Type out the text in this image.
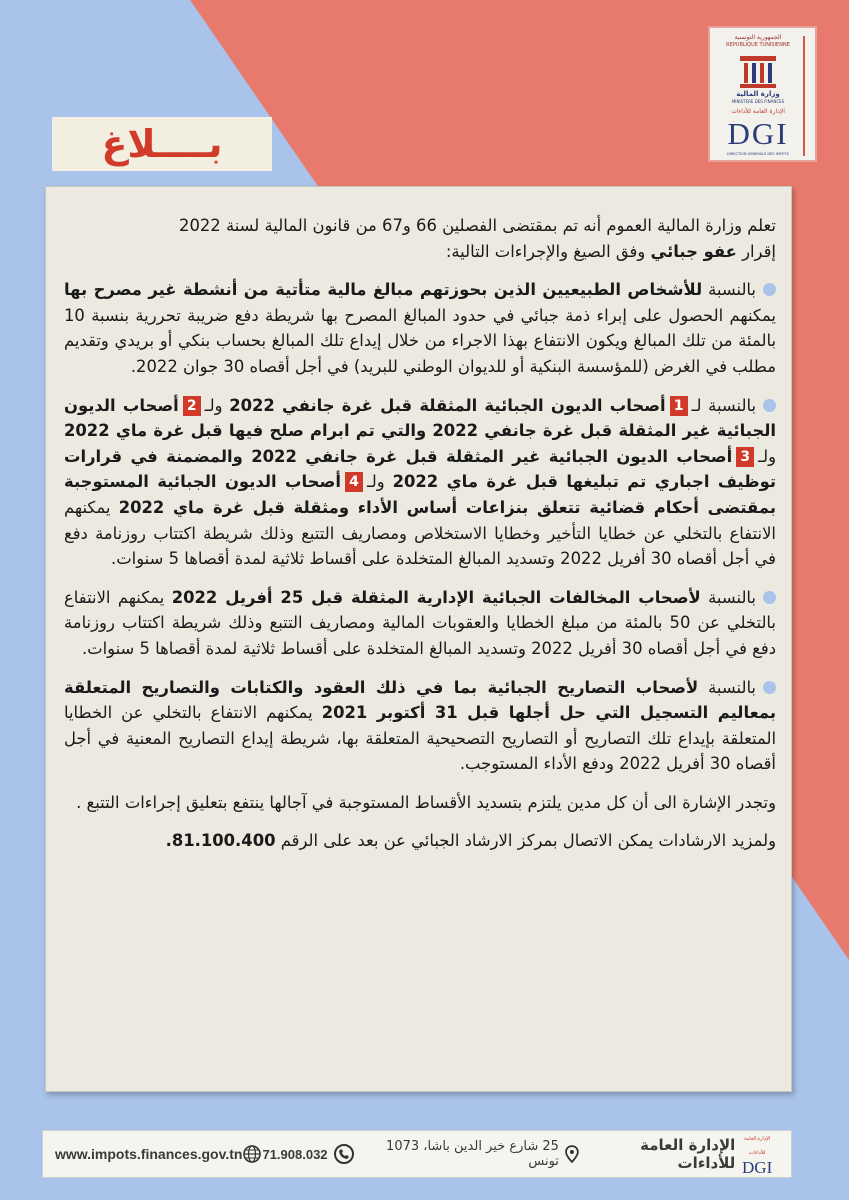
الجمهورية التونسية
REPUBLIQUE TUNISIENNE
وزارة المالية
MINISTERE DES FINANCES
الإدارة العامة للأداءات
DGI
DIRECTION GENERALE DES IMPOTS
بــــلاغ

تعلم وزارة المالية العموم أنه تم بمقتضى الفصلين 66 و67 من قانون المالية لسنة 2022
إقرار عفو جبائي وفق الصيغ والإجراءات التالية:

بالنسبة للأشخاص الطبيعيين الذين بحوزتهم مبالغ مالية متأتية من أنشطة غير مصرح بها يمكنهم الحصول على إبراء ذمة جبائي في حدود المبالغ المصرح بها شريطة دفع ضريبة تحررية بنسبة 10 بالمئة من تلك المبالغ ويكون الانتفاع بهذا الاجراء من خلال إيداع تلك المبالغ بحساب بنكي أو بريدي وتقديم مطلب في الغرض (للمؤسسة البنكية أو للديوان الوطني للبريد) في أجل أقصاه 30 جوان 2022.

بالنسبة لـ1أصحاب الديون الجبائية المثقلة قبل غرة جانفي 2022 ولـ2أصحاب الديون الجبائية غير المثقلة قبل غرة جانفي 2022 والتي تم ابرام صلح فيها قبل غرة ماي 2022 ولـ3أصحاب الديون الجبائية غير المثقلة قبل غرة جانفي 2022 والمضمنة في قرارات توظيف اجباري تم تبليغها قبل غرة ماي 2022 ولـ4أصحاب الديون الجبائية المستوجبة بمقتضى أحكام قضائية تتعلق بنزاعات أساس الأداء ومثقلة قبل غرة ماي 2022 يمكنهم الانتفاع بالتخلي عن خطايا التأخير وخطايا الاستخلاص ومصاريف التتبع وذلك شريطة اكتتاب روزنامة دفع في أجل أقصاه 30 أفريل 2022 وتسديد المبالغ المتخلدة على أقساط ثلاثية لمدة أقصاها 5 سنوات.

بالنسبة لأصحاب المخالفات الجبائية الإدارية المثقلة قبل 25 أفريل 2022 يمكنهم الانتفاع بالتخلي عن 50 بالمئة من مبلغ الخطايا والعقوبات المالية ومصاريف التتبع وذلك شريطة اكتتاب روزنامة دفع في أجل أقصاه 30 أفريل 2022 وتسديد المبالغ المتخلدة على أقساط ثلاثية لمدة أقصاها 5 سنوات.

بالنسبة لأصحاب التصاريح الجبائية بما في ذلك العقود والكتابات والتصاريح المتعلقة بمعاليم التسجيل التي حل أجلها قبل 31 أكتوبر 2021 يمكنهم الانتفاع بالتخلي عن الخطايا المتعلقة بإيداع تلك التصاريح أو التصاريح التصحيحية المتعلقة بها، شريطة إيداع التصاريح المعنية في أجل أقصاه 30 أفريل 2022 ودفع الأداء المستوجب.

وتجدر الإشارة الى أن كل مدين يلتزم بتسديد الأقساط المستوجبة في آجالها ينتفع بتعليق إجراءات التتبع .

ولمزيد الارشادات يمكن الاتصال بمركز الارشاد الجبائي عن بعد على الرقم 81.100.400.

www.impots.finances.gov.tn 71.908.032	25 شارع خير الدين باشا، 1073 تونس
الإدارة العامة للأداءات
الإدارة العامة للأداءات
DGI
